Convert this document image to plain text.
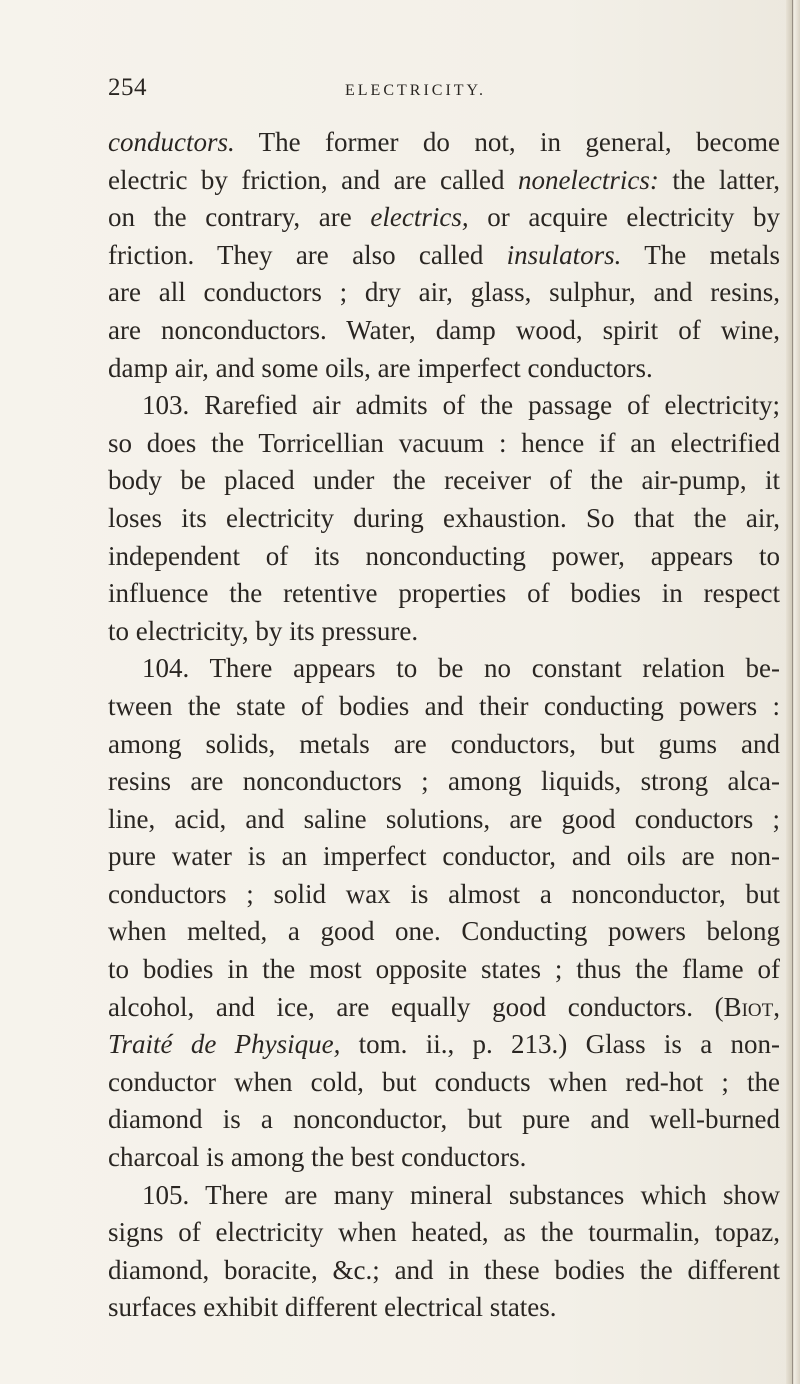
254	ELECTRICITY.
conductors. The former do not, in general, become
electric by friction, and are called nonelectrics: the latter,
on the contrary, are electrics, or acquire electricity by
friction. They are also called insulators. The metals
are all conductors ; dry air, glass, sulphur, and resins,
are nonconductors. Water, damp wood, spirit of wine,
damp air, and some oils, are imperfect conductors.
103. Rarefied air admits of the passage of electricity;
so does the Torricellian vacuum : hence if an electrified
body be placed under the receiver of the air-pump, it
loses its electricity during exhaustion. So that the air,
independent of its nonconducting power, appears to
influence the retentive properties of bodies in respect
to electricity, by its pressure.
104. There appears to be no constant relation be-
tween the state of bodies and their conducting powers :
among solids, metals are conductors, but gums and
resins are nonconductors ; among liquids, strong alca-
line, acid, and saline solutions, are good conductors ;
pure water is an imperfect conductor, and oils are non-
conductors ; solid wax is almost a nonconductor, but
when melted, a good one. Conducting powers belong
to bodies in the most opposite states ; thus the flame of
alcohol, and ice, are equally good conductors. (Biot,
Traité de Physique, tom. ii., p. 213.) Glass is a non-
conductor when cold, but conducts when red-hot ; the
diamond is a nonconductor, but pure and well-burned
charcoal is among the best conductors.
105. There are many mineral substances which show
signs of electricity when heated, as the tourmalin, topaz,
diamond, boracite, &c.; and in these bodies the different
surfaces exhibit different electrical states.
